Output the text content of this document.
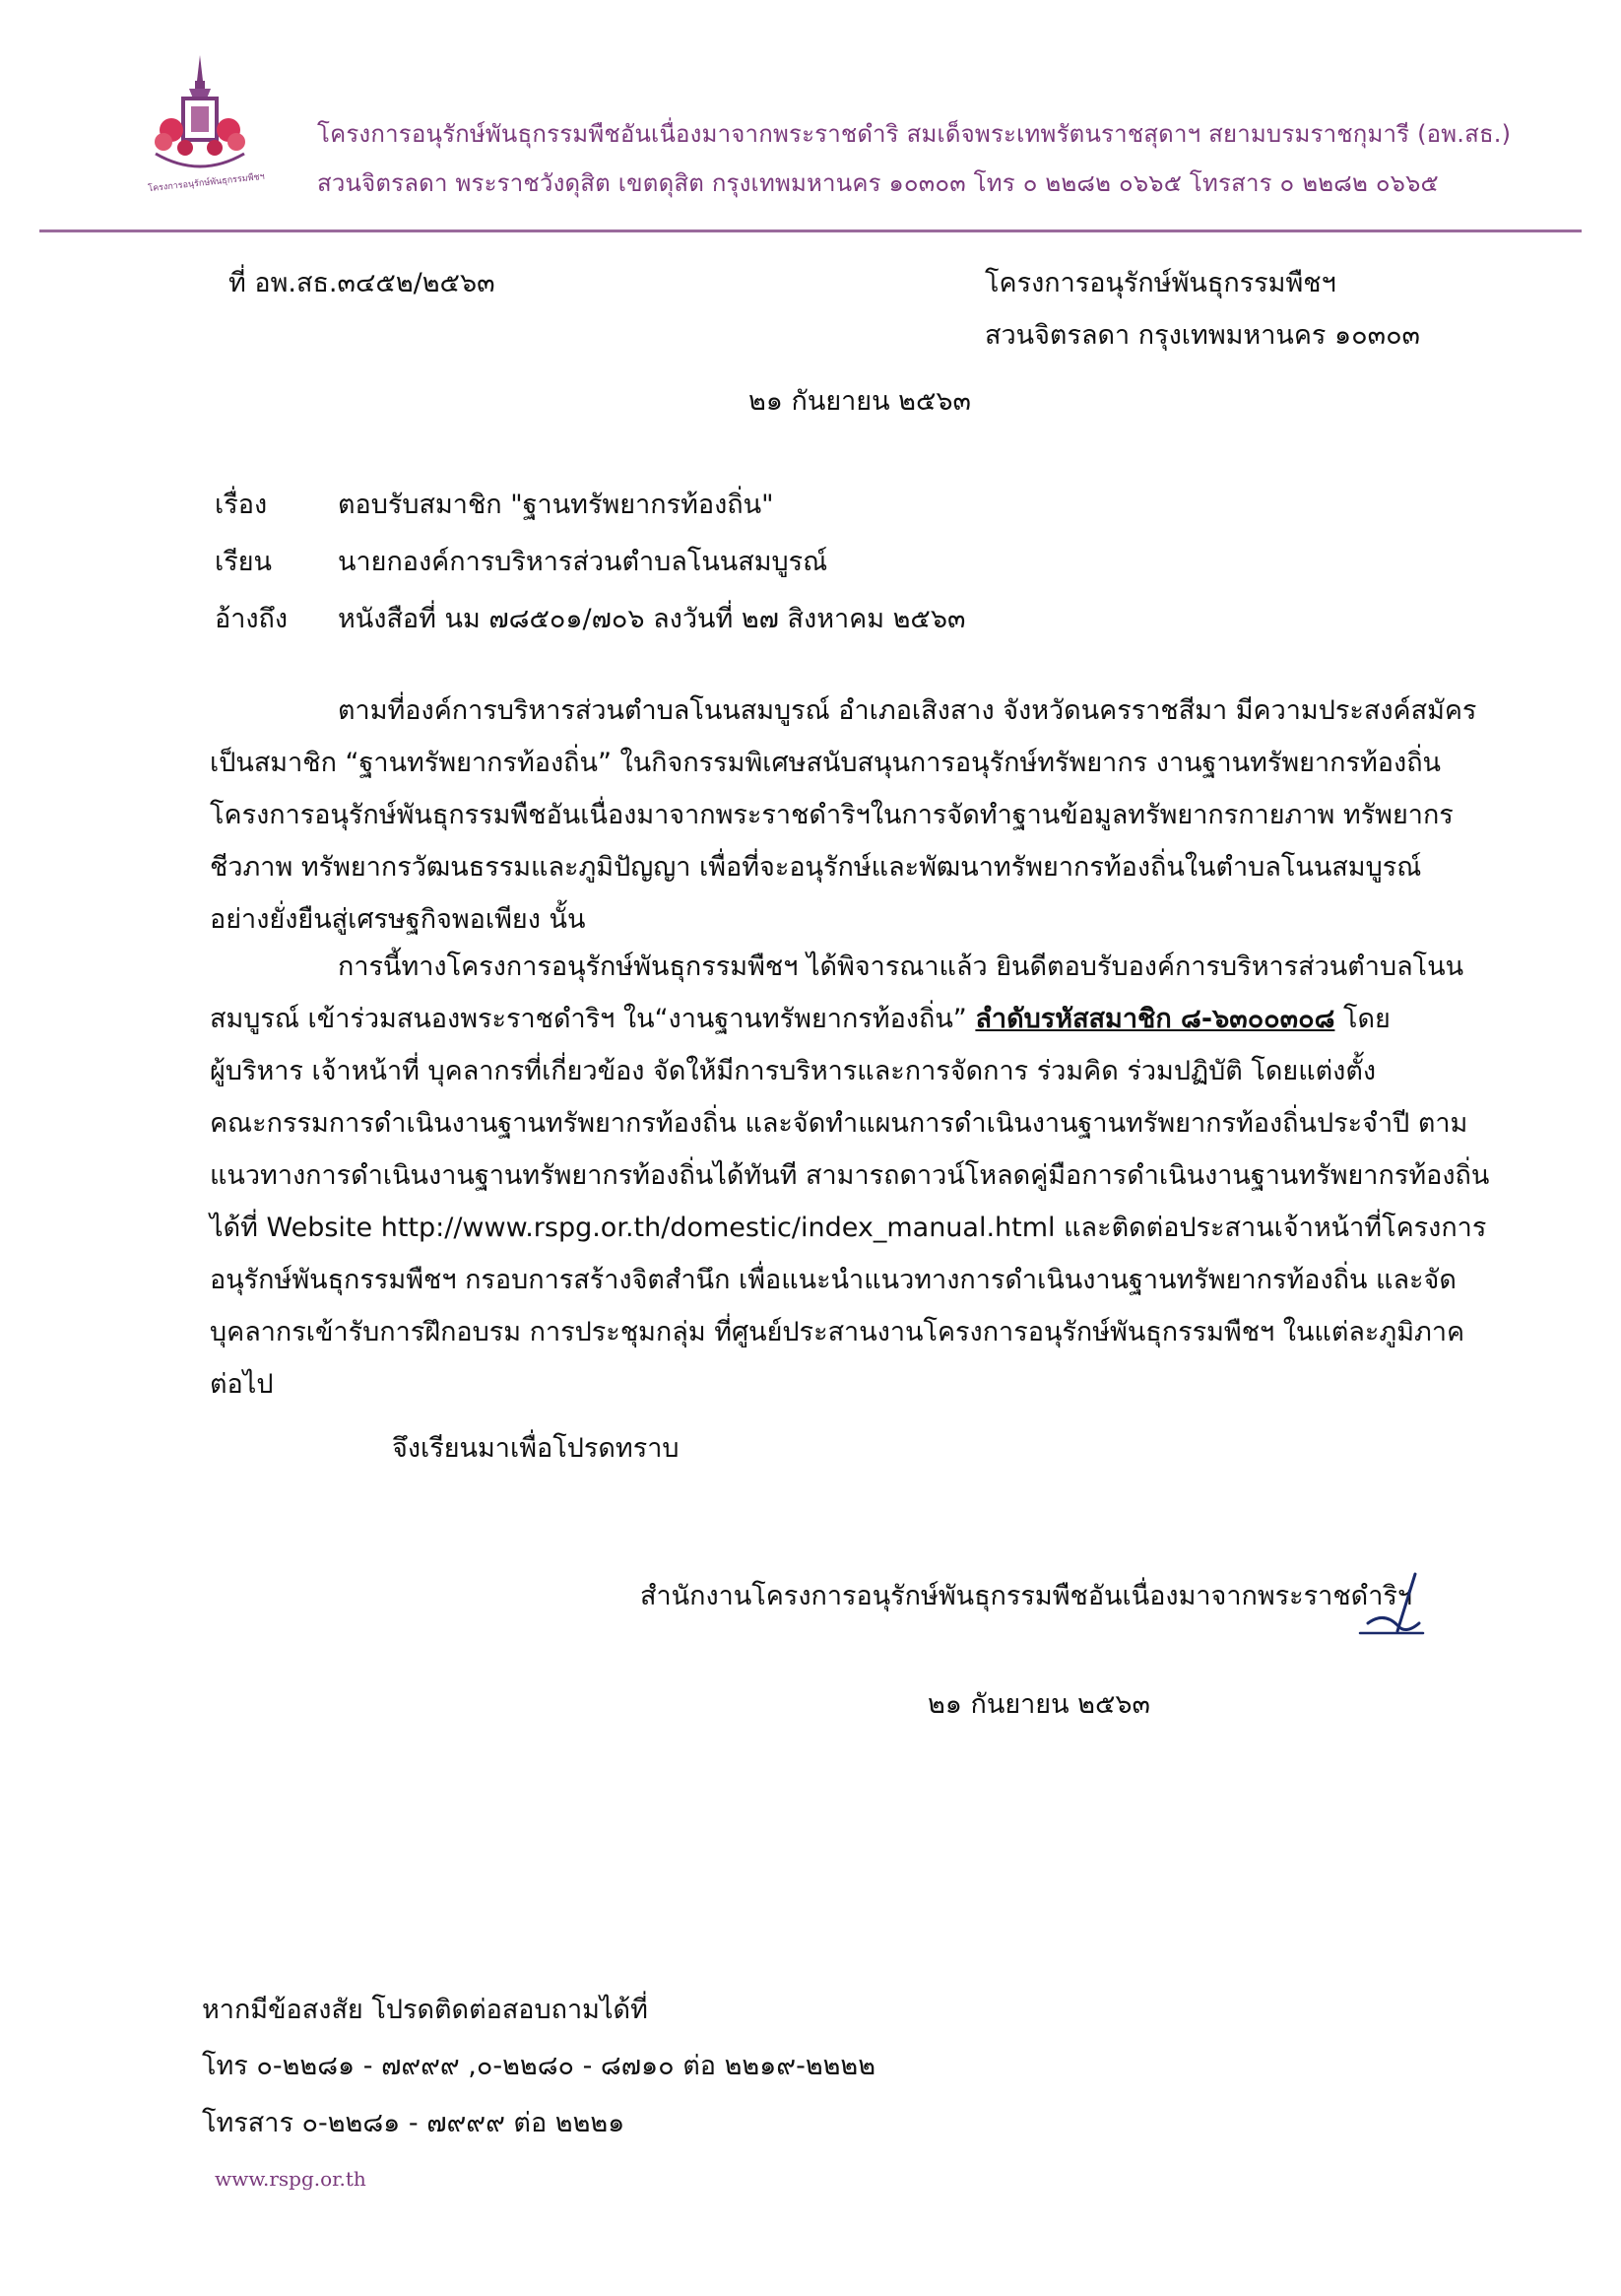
โครงการอนุรักษ์พันธุกรรมพืชฯ
โครงการอนุรักษ์พันธุกรรมพืชอันเนื่องมาจากพระราชดำริ สมเด็จพระเทพรัตนราชสุดาฯ สยามบรมราชกุมารี (อพ.สธ.)
สวนจิตรลดา พระราชวังดุสิต เขตดุสิต กรุงเทพมหานคร ๑๐๓๐๓ โทร ๐ ๒๒๘๒ ๐๖๖๕ โทรสาร ๐ ๒๒๘๒ ๐๖๖๕
ที่ อพ.สธ.๓๔๕๒/๒๕๖๓	โครงการอนุรักษ์พันธุกรรมพืชฯ
สวนจิตรลดา กรุงเทพมหานคร ๑๐๓๐๓
๒๑ กันยายน ๒๕๖๓
เรื่อง	ตอบรับสมาชิก "ฐานทรัพยากรท้องถิ่น"
เรียน นายกองค์การบริหารส่วนตำบลโนนสมบูรณ์
อ้างถึง หนังสือที่ นม ๗๘๕๐๑/๗๐๖ ลงวันที่ ๒๗ สิงหาคม ๒๕๖๓
ตามที่องค์การบริหารส่วนตำบลโนนสมบูรณ์ อำเภอเสิงสาง จังหวัดนครราชสีมา มีความประสงค์สมัคร
เป็นสมาชิก “ฐานทรัพยากรท้องถิ่น” ในกิจกรรมพิเศษสนับสนุนการอนุรักษ์ทรัพยากร งานฐานทรัพยากรท้องถิ่น
โครงการอนุรักษ์พันธุกรรมพืชอันเนื่องมาจากพระราชดำริฯในการจัดทำฐานข้อมูลทรัพยากรกายภาพ ทรัพยากร
ชีวภาพ ทรัพยากรวัฒนธรรมและภูมิปัญญา เพื่อที่จะอนุรักษ์และพัฒนาทรัพยากรท้องถิ่นในตำบลโนนสมบูรณ์
อย่างยั่งยืนสู่เศรษฐกิจพอเพียง นั้น
การนี้ทางโครงการอนุรักษ์พันธุกรรมพืชฯ ได้พิจารณาแล้ว ยินดีตอบรับองค์การบริหารส่วนตำบลโนน
สมบูรณ์ เข้าร่วมสนองพระราชดำริฯ ใน“งานฐานทรัพยากรท้องถิ่น” ลำดับรหัสสมาชิก ๘-๖๓๐๐๓๐๘ โดย
ผู้บริหาร เจ้าหน้าที่ บุคลากรที่เกี่ยวข้อง จัดให้มีการบริหารและการจัดการ ร่วมคิด ร่วมปฏิบัติ โดยแต่งตั้ง
คณะกรรมการดำเนินงานฐานทรัพยากรท้องถิ่น และจัดทำแผนการดำเนินงานฐานทรัพยากรท้องถิ่นประจำปี ตาม
แนวทางการดำเนินงานฐานทรัพยากรท้องถิ่นได้ทันที สามารถดาวน์โหลดคู่มือการดำเนินงานฐานทรัพยากรท้องถิ่น
ได้ที่ Website http://www.rspg.or.th/domestic/index_manual.html และติดต่อประสานเจ้าหน้าที่โครงการ
อนุรักษ์พันธุกรรมพืชฯ กรอบการสร้างจิตสำนึก เพื่อแนะนำแนวทางการดำเนินงานฐานทรัพยากรท้องถิ่น และจัด
บุคลากรเข้ารับการฝึกอบรม การประชุมกลุ่ม ที่ศูนย์ประสานงานโครงการอนุรักษ์พันธุกรรมพืชฯ ในแต่ละภูมิภาค
ต่อไป
จึงเรียนมาเพื่อโปรดทราบ
สำนักงานโครงการอนุรักษ์พันธุกรรมพืชอันเนื่องมาจากพระราชดำริฯ
๒๑ กันยายน ๒๕๖๓
หากมีข้อสงสัย โปรดติดต่อสอบถามได้ที่
โทร ๐-๒๒๘๑ - ๗๙๙๙ ,๐-๒๒๘๐ - ๘๗๑๐ ต่อ ๒๒๑๙-๒๒๒๒
โทรสาร ๐-๒๒๘๑ - ๗๙๙๙ ต่อ ๒๒๒๑
www.rspg.or.th
